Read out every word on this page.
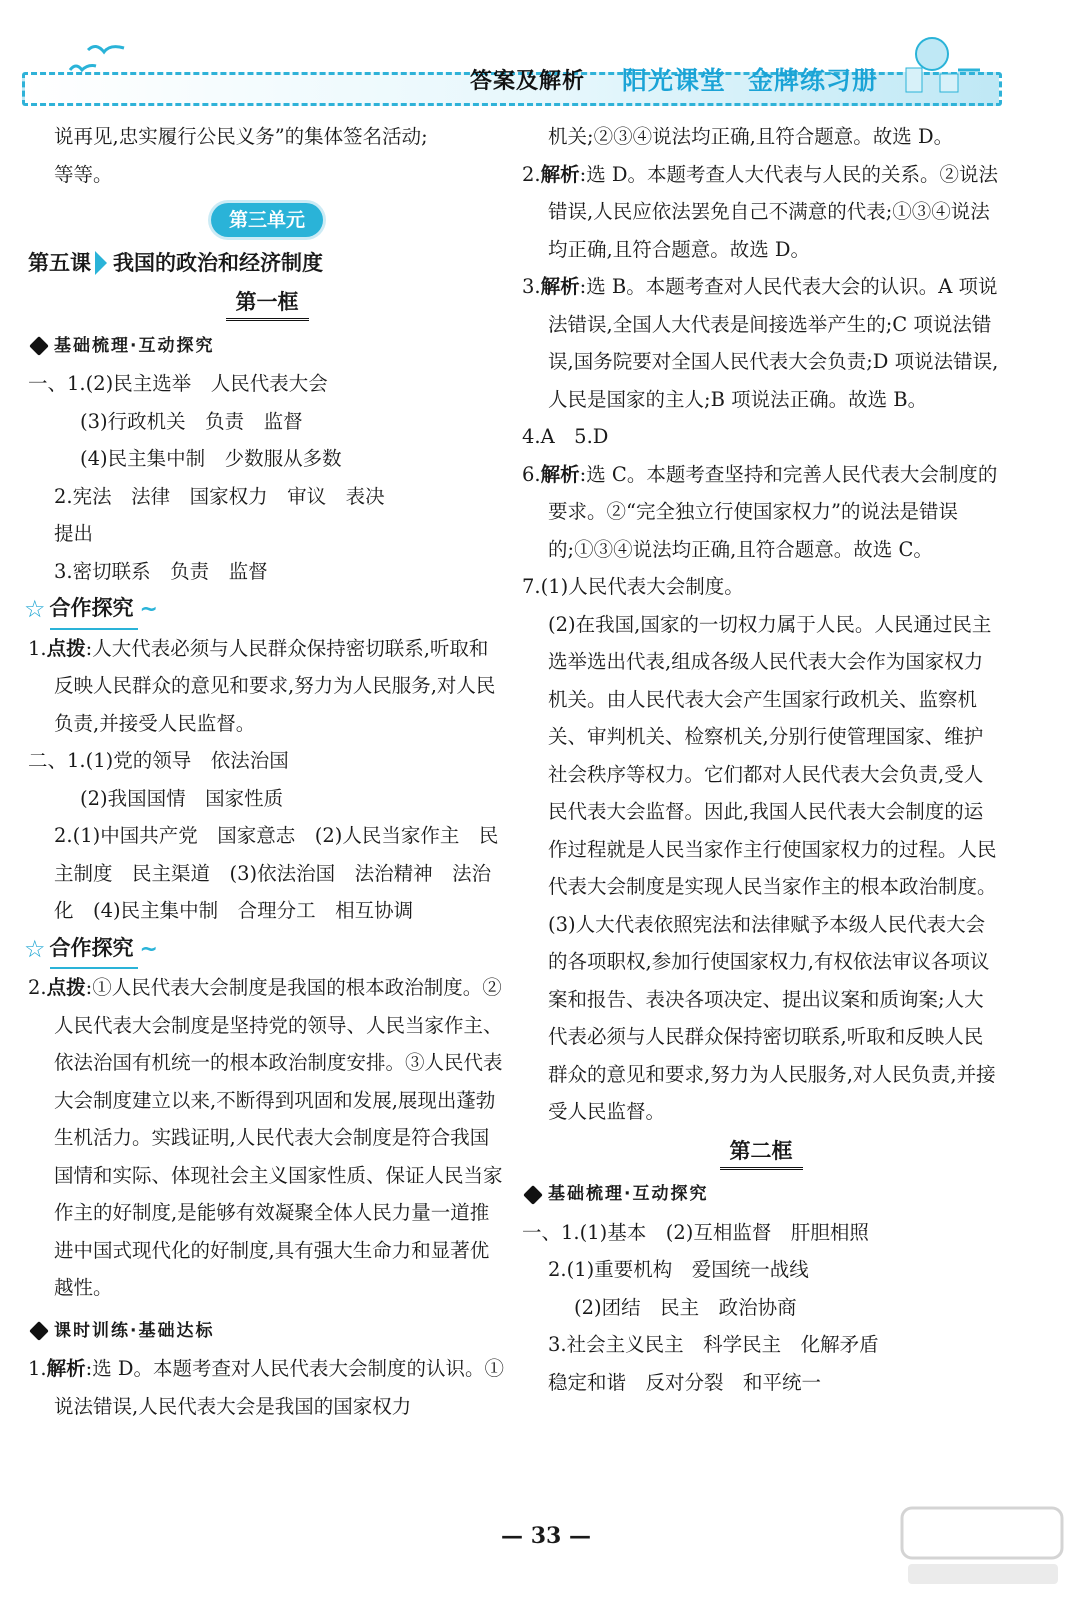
答案及解析 阳光课堂 金牌练习册

说再见,忠实履行公民义务”的集体签名活动;

等等。

第三单元
第五课 我国的政治和经济制度
第一框
基础梳理·互动探究

一、1.(2)民主选举　人民代表大会

(3)行政机关　负责　监督

(4)民主集中制　少数服从多数

2.宪法　法律　国家权力　审议　表决

提出

3.密切联系　负责　监督

☆ 合作探究 ~

1.点拨:人大代表必须与人民群众保持密切联系,听取和反映人民群众的意见和要求,努力为人民服务,对人民负责,并接受人民监督。

二、1.(1)党的领导　依法治国

(2)我国国情　国家性质

2.(1)中国共产党　国家意志　(2)人民当家作主　民主制度　民主渠道　(3)依法治国　法治精神　法治化　(4)民主集中制　合理分工　相互协调

☆ 合作探究 ~

2.点拨:①人民代表大会制度是我国的根本政治制度。②人民代表大会制度是坚持党的领导、人民当家作主、依法治国有机统一的根本政治制度安排。③人民代表大会制度建立以来,不断得到巩固和发展,展现出蓬勃生机活力。实践证明,人民代表大会制度是符合我国国情和实际、体现社会主义国家性质、保证人民当家作主的好制度,是能够有效凝聚全体人民力量一道推进中国式现代化的好制度,具有强大生命力和显著优越性。

课时训练·基础达标

1.解析:选 D。本题考查对人民代表大会制度的认识。①说法错误,人民代表大会是我国的国家权力

机关;②③④说法均正确,且符合题意。故选 D。

2.解析:选 D。本题考查人大代表与人民的关系。②说法错误,人民应依法罢免自己不满意的代表;①③④说法均正确,且符合题意。故选 D。

3.解析:选 B。本题考查对人民代表大会的认识。A 项说法错误,全国人大代表是间接选举产生的;C 项说法错误,国务院要对全国人民代表大会负责;D 项说法错误,人民是国家的主人;B 项说法正确。故选 B。

4.A　5.D

6.解析:选 C。本题考查坚持和完善人民代表大会制度的要求。②“完全独立行使国家权力”的说法是错误的;①③④说法均正确,且符合题意。故选 C。

7.(1)人民代表大会制度。

(2)在我国,国家的一切权力属于人民。人民通过民主选举选出代表,组成各级人民代表大会作为国家权力机关。由人民代表大会产生国家行政机关、监察机关、审判机关、检察机关,分别行使管理国家、维护社会秩序等权力。它们都对人民代表大会负责,受人民代表大会监督。因此,我国人民代表大会制度的运作过程就是人民当家作主行使国家权力的过程。人民代表大会制度是实现人民当家作主的根本政治制度。

(3)人大代表依照宪法和法律赋予本级人民代表大会的各项职权,参加行使国家权力,有权依法审议各项议案和报告、表决各项决定、提出议案和质询案;人大代表必须与人民群众保持密切联系,听取和反映人民群众的意见和要求,努力为人民服务,对人民负责,并接受人民监督。

第二框
基础梳理·互动探究

一、1.(1)基本　(2)互相监督　肝胆相照

2.(1)重要机构　爱国统一战线

(2)团结　民主　政治协商

3.社会主义民主　科学民主　化解矛盾

稳定和谐　反对分裂　和平统一

— 33 —
